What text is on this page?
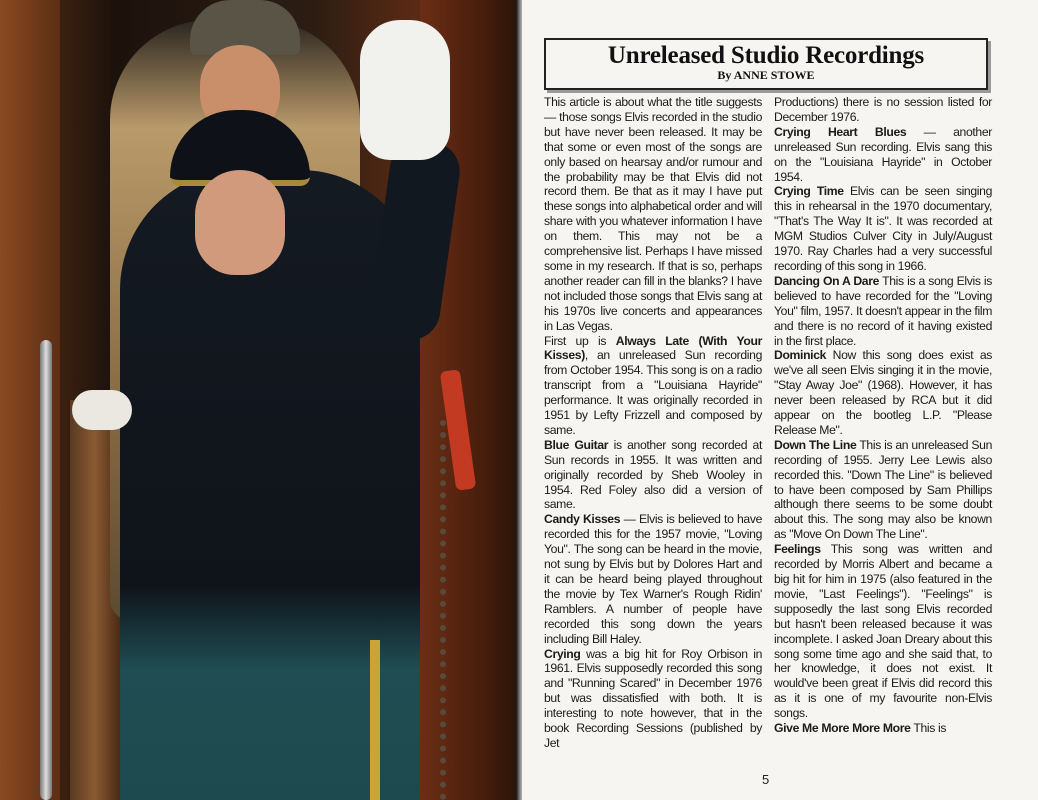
Unreleased Studio Recordings
By ANNE STOWE

This article is about what the title suggests — those songs Elvis recorded in the studio but have never been released. It may be that some or even most of the songs are only based on hearsay and/or rumour and the probability may be that Elvis did not record them. Be that as it may I have put these songs into alphabetical order and will share with you whatever information I have on them. This may not be a comprehensive list. Perhaps I have missed some in my research. If that is so, perhaps another reader can fill in the blanks? I have not included those songs that Elvis sang at his 1970s live concerts and appearances in Las Vegas.

First up is Always Late (With Your Kisses), an unreleased Sun recording from October 1954. This song is on a radio transcript from a "Louisiana Hayride" performance. It was originally recorded in 1951 by Lefty Frizzell and composed by same.

Blue Guitar is another song recorded at Sun records in 1955. It was written and originally recorded by Sheb Wooley in 1954. Red Foley also did a version of same.

Candy Kisses — Elvis is believed to have recorded this for the 1957 movie, "Loving You". The song can be heard in the movie, not sung by Elvis but by Dolores Hart and it can be heard being played throughout the movie by Tex Warner's Rough Ridin' Ramblers. A number of people have recorded this song down the years including Bill Haley.

Crying was a big hit for Roy Orbison in 1961. Elvis supposedly recorded this song and "Running Scared" in December 1976 but was dissatisfied with both. It is interesting to note however, that in the book Recording Sessions (published by Jet

Productions) there is no session listed for December 1976.

Crying Heart Blues — another unreleased Sun recording. Elvis sang this on the "Louisiana Hayride" in October 1954.

Crying Time Elvis can be seen singing this in rehearsal in the 1970 documentary, "That's The Way It is". It was recorded at MGM Studios Culver City in July/August 1970. Ray Charles had a very successful recording of this song in 1966.

Dancing On A Dare This is a song Elvis is believed to have recorded for the "Loving You" film, 1957. It doesn't appear in the film and there is no record of it having existed in the first place.

Dominick Now this song does exist as we've all seen Elvis singing it in the movie, "Stay Away Joe" (1968). However, it has never been released by RCA but it did appear on the bootleg L.P. "Please Release Me".

Down The Line This is an unreleased Sun recording of 1955. Jerry Lee Lewis also recorded this. "Down The Line" is believed to have been composed by Sam Phillips although there seems to be some doubt about this. The song may also be known as "Move On Down The Line".

Feelings This song was written and recorded by Morris Albert and became a big hit for him in 1975 (also featured in the movie, "Last Feelings"). "Feelings" is supposedly the last song Elvis recorded but hasn't been released because it was incomplete. I asked Joan Dreary about this song some time ago and she said that, to her knowledge, it does not exist. It would've been great if Elvis did record this as it is one of my favourite non-Elvis songs.

Give Me More More More This is

5
